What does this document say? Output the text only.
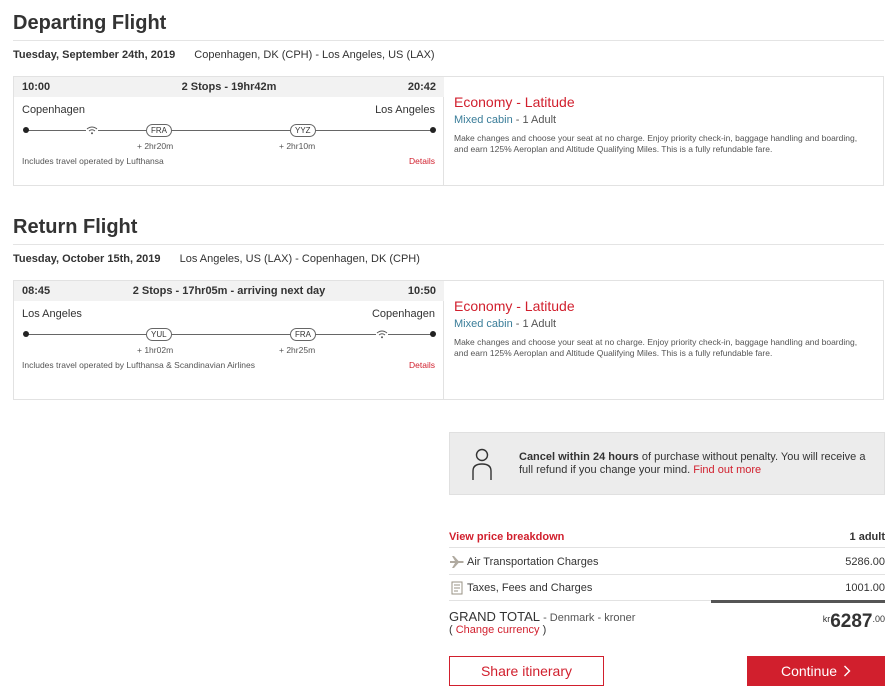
Departing Flight
Tuesday, September 24th, 2019 Copenhagen, DK (CPH) - Los Angeles, US (LAX)
10:00	2 Stops - 19hr42m	20:42
Copenhagen	Los Angeles
FRA	YYZ
+ 2hr20m	+ 2hr10m
Includes travel operated by Lufthansa	Details
Economy - Latitude
Mixed cabin - 1 Adult
Make changes and choose your seat at no charge. Enjoy priority check-in, baggage handling and boarding, and earn 125% Aeroplan and Altitude Qualifying Miles. This is a fully refundable fare.
Return Flight
Tuesday, October 15th, 2019 Los Angeles, US (LAX) - Copenhagen, DK (CPH)
08:45	2 Stops - 17hr05m - arriving next day	10:50
Los Angeles	Copenhagen
YUL	FRA
+ 1hr02m	+ 2hr25m
Includes travel operated by Lufthansa & Scandinavian Airlines	Details
Economy - Latitude
Mixed cabin - 1 Adult
Make changes and choose your seat at no charge. Enjoy priority check-in, baggage handling and boarding, and earn 125% Aeroplan and Altitude Qualifying Miles. This is a fully refundable fare.
Cancel within 24 hours of purchase without penalty. You will receive a full refund if you change your mind. Find out more
View price breakdown	1 adult
Air Transportation Charges	5286.00
Taxes, Fees and Charges	1001.00
GRAND TOTAL - Denmark - kroner
( Change currency )
$^{kr}6287^{.00}$
Share itinerary	Continue
